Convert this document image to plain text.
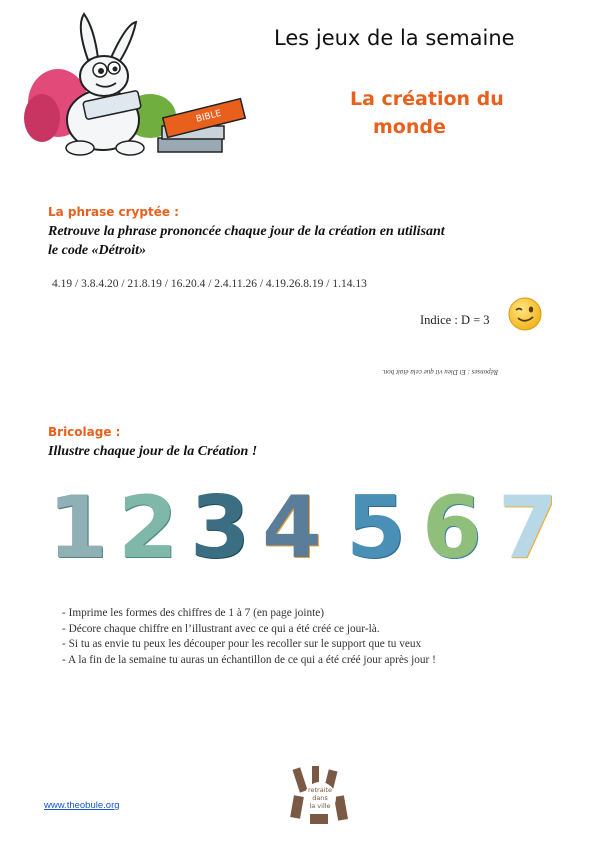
BIBLE
Les jeux de la semaine
La création du
monde
La phrase cryptée :
Retrouve la phrase prononcée chaque jour de la création en utilisant
le code «Détroit»
4.19 / 3.8.4.20 / 21.8.19 / 16.20.4 / 2.4.11.26 / 4.19.26.8.19 / 1.14.13
Indice : D = 3
Réponses : Et Dieu vit que cela était bon.
Bricolage :
Illustre chaque jour de la Création !
1 2 3 4 5 6 7
- Imprime les formes des chiffres de 1 à 7 (en page jointe)
- Décore chaque chiffre en l’illustrant avec ce qui a été créé ce jour-là.
- Si tu as envie tu peux les découper pour les recoller sur le support que tu veux
- A la fin de la semaine tu auras un échantillon de ce qui a été créé jour après jour !
www.theobule.org
retraite
dans
la ville
